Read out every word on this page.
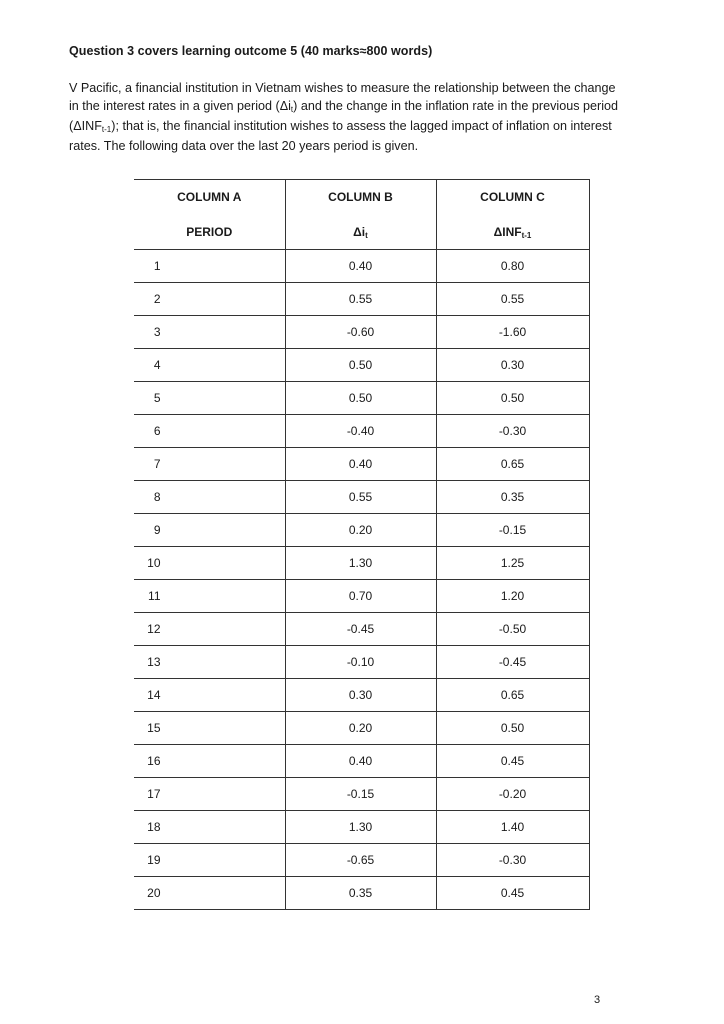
Question 3 covers learning outcome 5 (40 marks≈800 words)
V Pacific, a financial institution in Vietnam wishes to measure the relationship between the change
in the interest rates in a given period (Δit) and the change in the inflation rate in the previous period
(ΔINFt-1); that is, the financial institution wishes to assess the lagged impact of inflation on interest
rates. The following data over the last 20 years period is given.
COLUMN A	COLUMN B	COLUMN C
PERIOD	Δit	ΔINFt-1
1	0.40	0.80
2	0.55	0.55
3	-0.60	-1.60
4	0.50	0.30
5	0.50	0.50
6	-0.40	-0.30
7	0.40	0.65
8	0.55	0.35
9	0.20	-0.15
10	1.30	1.25
11	0.70	1.20
12	-0.45	-0.50
13	-0.10	-0.45
14	0.30	0.65
15	0.20	0.50
16	0.40	0.45
17	-0.15	-0.20
18	1.30	1.40
19	-0.65	-0.30
20	0.35	0.45
3
